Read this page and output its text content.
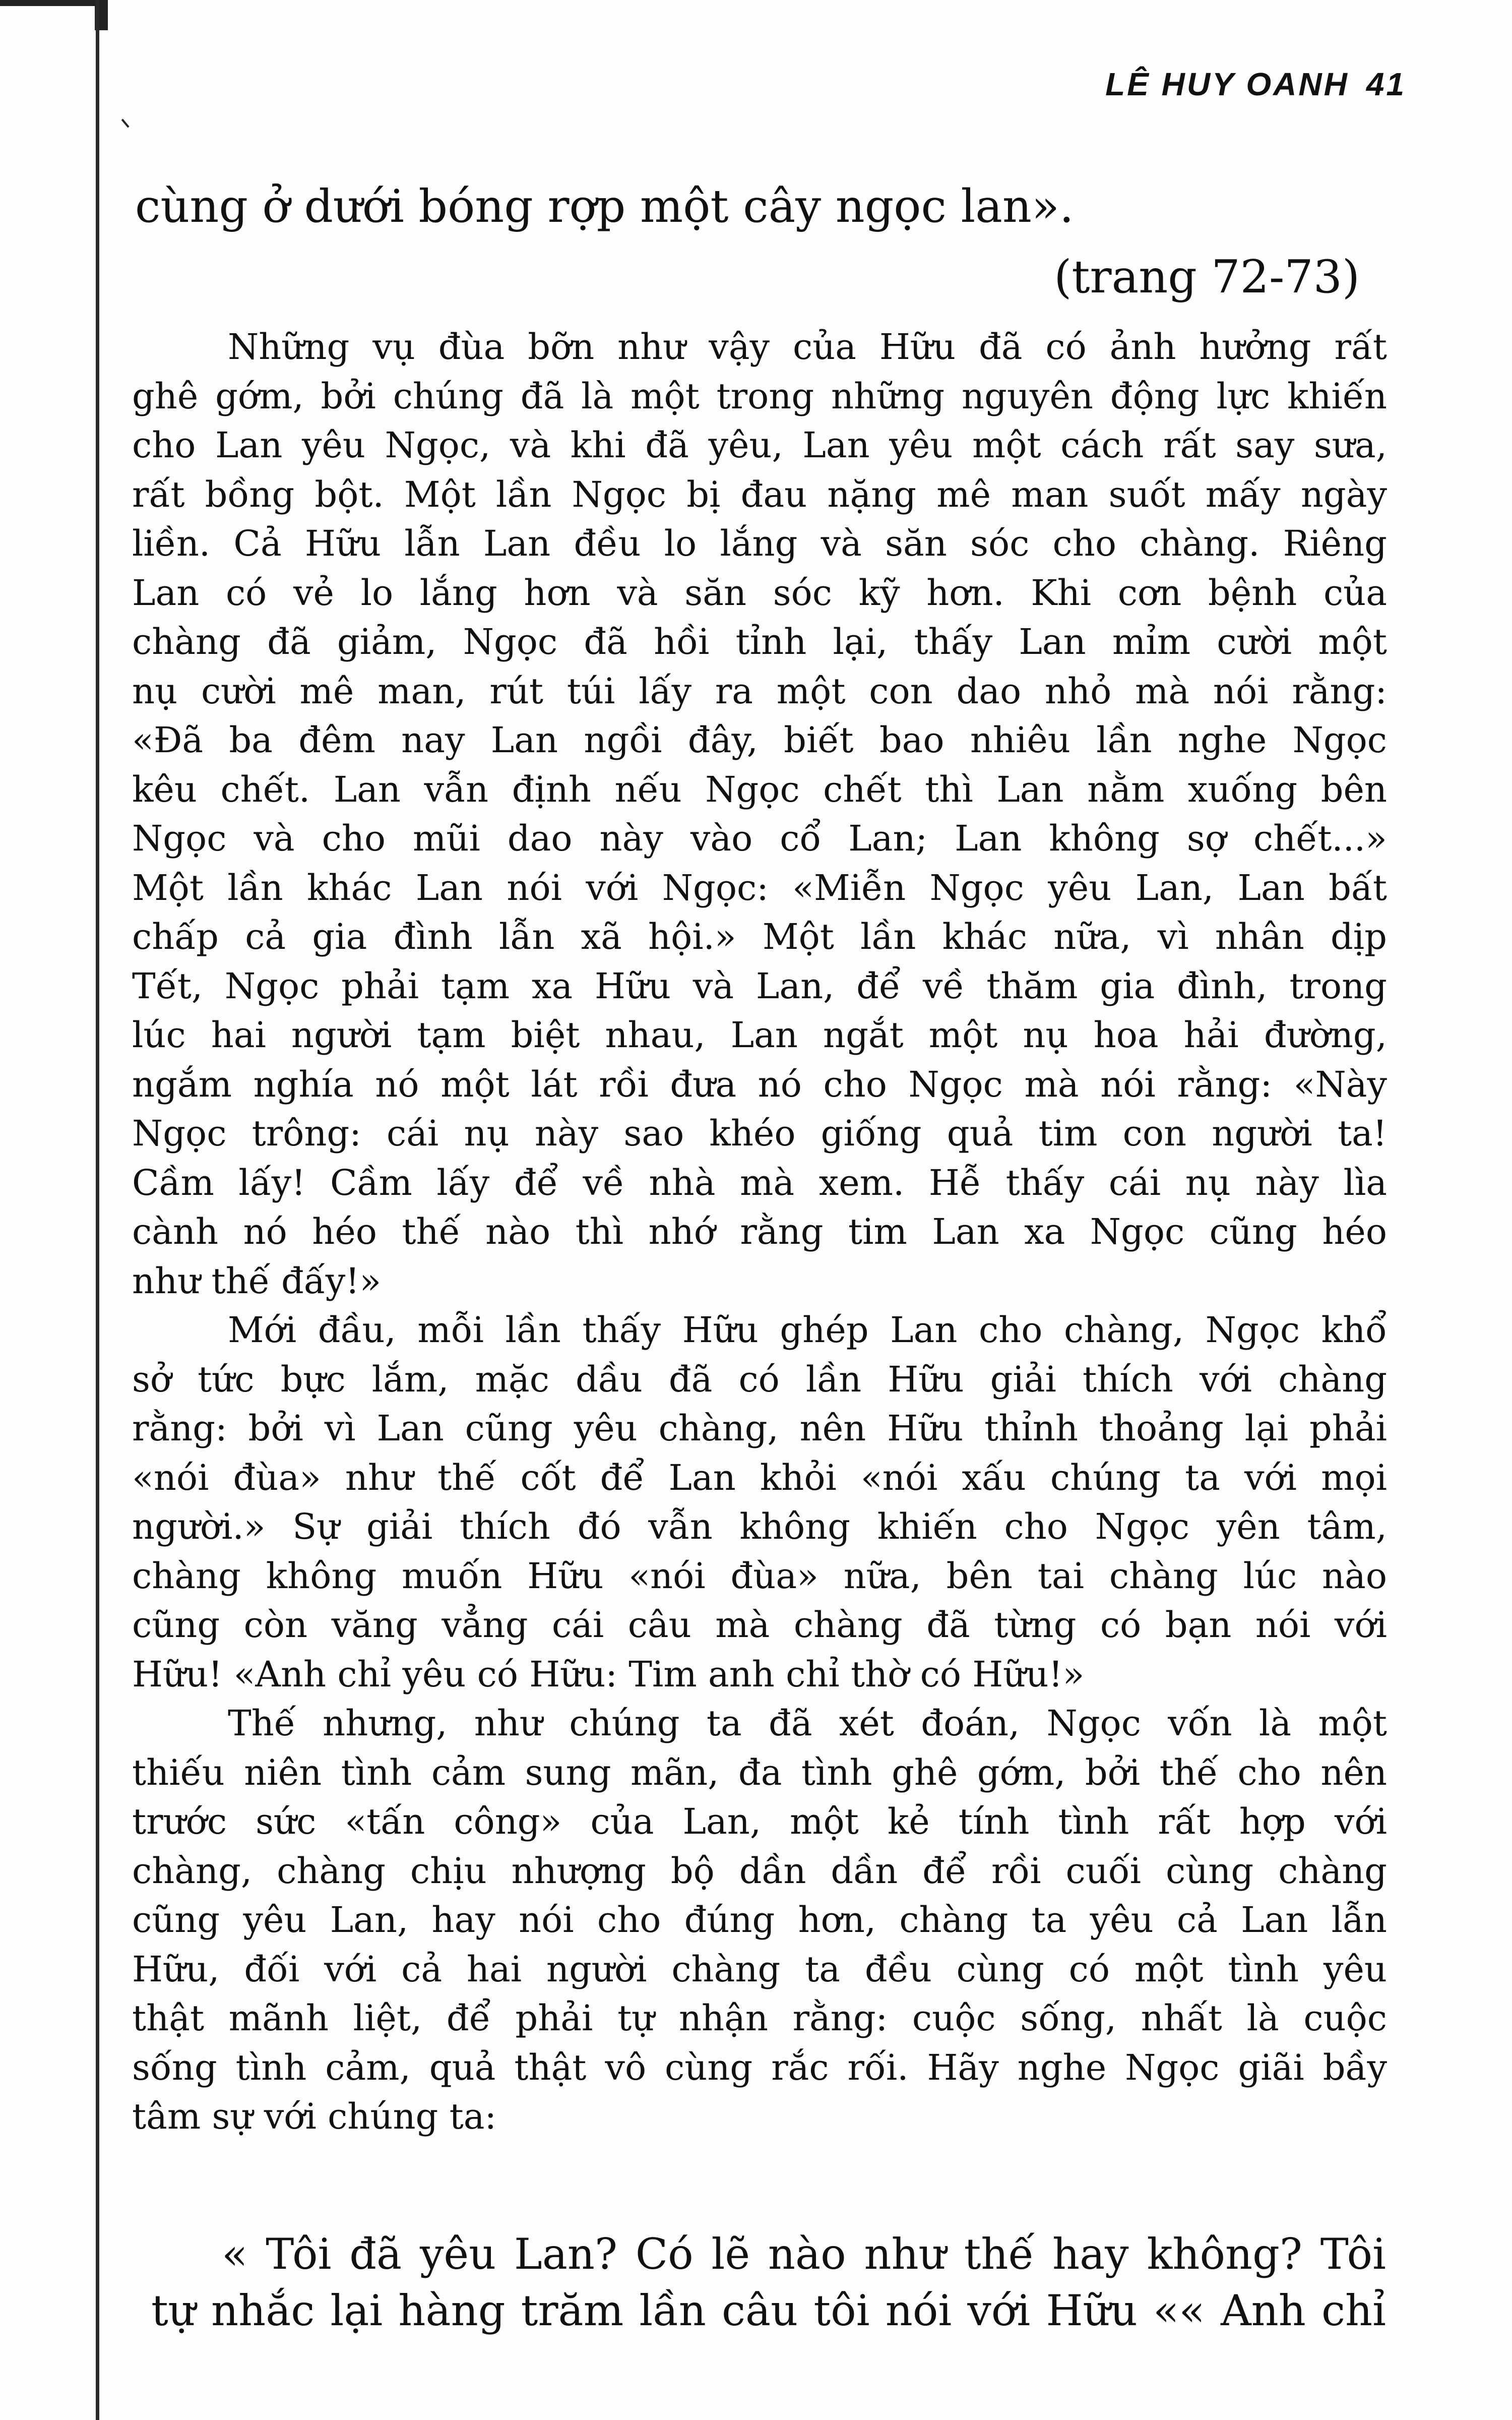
LÊ HUY OANH 41
cùng ở dưới bóng rợp một cây ngọc lan».
(trang 72-73)
Những vụ đùa bỡn như vậy của Hữu đã có ảnh hưởng rất
ghê gớm, bởi chúng đã là một trong những nguyên động lực khiến
cho Lan yêu Ngọc, và khi đã yêu, Lan yêu một cách rất say sưa,
rất bồng bột. Một lần Ngọc bị đau nặng mê man suốt mấy ngày
liền. Cả Hữu lẫn Lan đều lo lắng và săn sóc cho chàng. Riêng
Lan có vẻ lo lắng hơn và săn sóc kỹ hơn. Khi cơn bệnh của
chàng đã giảm, Ngọc đã hồi tỉnh lại, thấy Lan mỉm cười một
nụ cười mê man, rút túi lấy ra một con dao nhỏ mà nói rằng:
«Đã ba đêm nay Lan ngồi đây, biết bao nhiêu lần nghe Ngọc
kêu chết. Lan vẫn định nếu Ngọc chết thì Lan nằm xuống bên
Ngọc và cho mũi dao này vào cổ Lan; Lan không sợ chết...»
Một lần khác Lan nói với Ngọc: «Miễn Ngọc yêu Lan, Lan bất
chấp cả gia đình lẫn xã hội.» Một lần khác nữa, vì nhân dịp
Tết, Ngọc phải tạm xa Hữu và Lan, để về thăm gia đình, trong
lúc hai người tạm biệt nhau, Lan ngắt một nụ hoa hải đường,
ngắm nghía nó một lát rồi đưa nó cho Ngọc mà nói rằng: «Này
Ngọc trông: cái nụ này sao khéo giống quả tim con người ta!
Cầm lấy! Cầm lấy để về nhà mà xem. Hễ thấy cái nụ này lìa
cành nó héo thế nào thì nhớ rằng tim Lan xa Ngọc cũng héo
như thế đấy!»
Mới đầu, mỗi lần thấy Hữu ghép Lan cho chàng, Ngọc khổ
sở tức bực lắm, mặc dầu đã có lần Hữu giải thích với chàng
rằng: bởi vì Lan cũng yêu chàng, nên Hữu thỉnh thoảng lại phải
«nói đùa» như thế cốt để Lan khỏi «nói xấu chúng ta với mọi
người.» Sự giải thích đó vẫn không khiến cho Ngọc yên tâm,
chàng không muốn Hữu «nói đùa» nữa, bên tai chàng lúc nào
cũng còn văng vẳng cái câu mà chàng đã từng có bạn nói với
Hữu! «Anh chỉ yêu có Hữu: Tim anh chỉ thờ có Hữu!»
Thế nhưng, như chúng ta đã xét đoán, Ngọc vốn là một
thiếu niên tình cảm sung mãn, đa tình ghê gớm, bởi thế cho nên
trước sức «tấn công» của Lan, một kẻ tính tình rất hợp với
chàng, chàng chịu nhượng bộ dần dần để rồi cuối cùng chàng
cũng yêu Lan, hay nói cho đúng hơn, chàng ta yêu cả Lan lẫn
Hữu, đối với cả hai người chàng ta đều cùng có một tình yêu
thật mãnh liệt, để phải tự nhận rằng: cuộc sống, nhất là cuộc
sống tình cảm, quả thật vô cùng rắc rối. Hãy nghe Ngọc giãi bầy
tâm sự với chúng ta:
« Tôi đã yêu Lan? Có lẽ nào như thế hay không? Tôi
tự nhắc lại hàng trăm lần câu tôi nói với Hữu «« Anh chỉ
